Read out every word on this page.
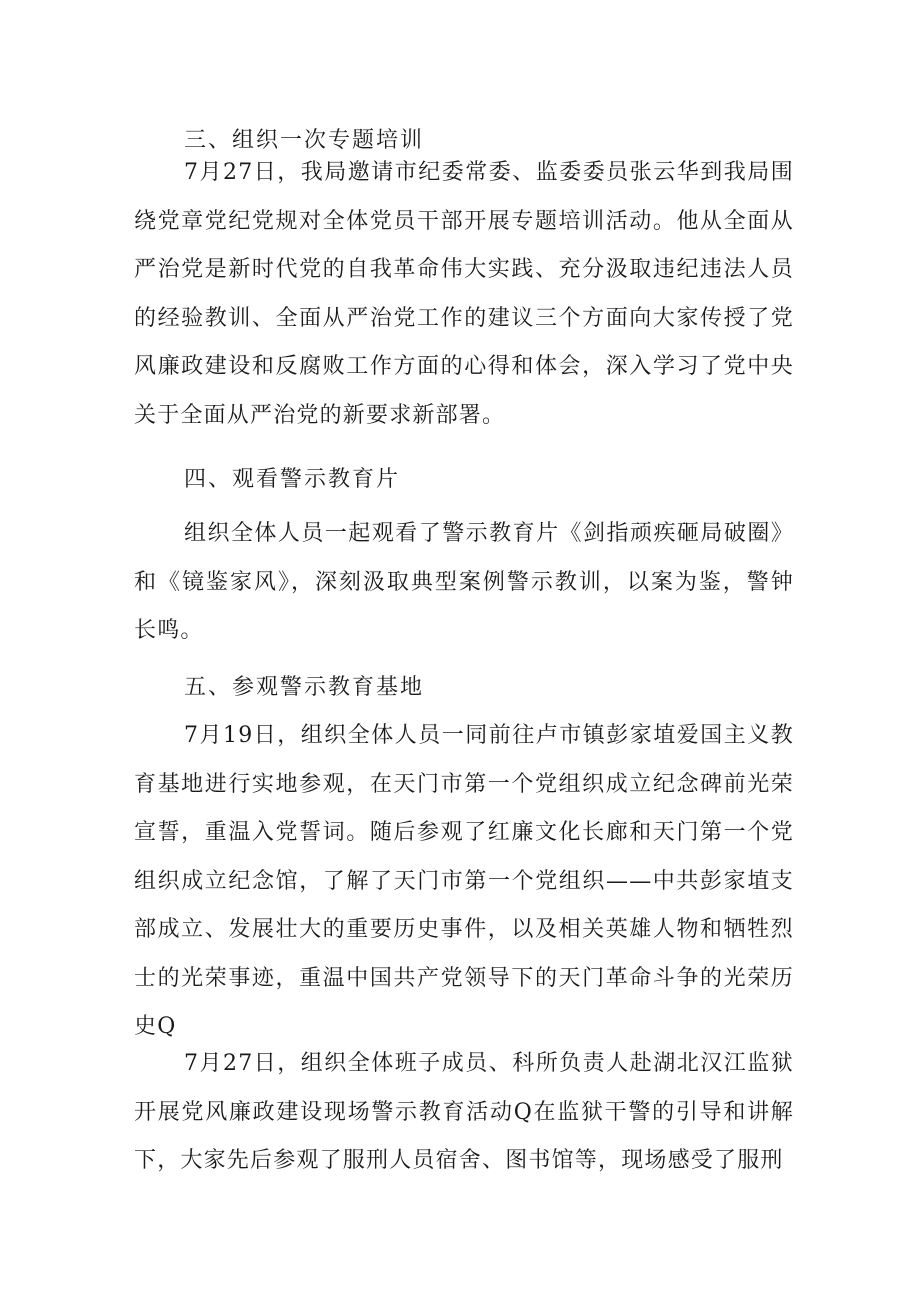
三、组织一次专题培训

7月27日，我局邀请市纪委常委、监委委员张云华到我局围绕党章党纪党规对全体党员干部开展专题培训活动。他从全面从严治党是新时代党的自我革命伟大实践、充分汲取违纪违法人员的经验教训、全面从严治党工作的建议三个方面向大家传授了党风廉政建设和反腐败工作方面的心得和体会，深入学习了党中央关于全面从严治党的新要求新部署。

四、观看警示教育片

组织全体人员一起观看了警示教育片《剑指顽疾砸局破圈》和《镜鉴家风》，深刻汲取典型案例警示教训，以案为鉴，警钟长鸣。

五、参观警示教育基地

7月19日，组织全体人员一同前往卢市镇彭家埴爱国主义教育基地进行实地参观，在天门市第一个党组织成立纪念碑前光荣宣誓，重温入党誓词。随后参观了红廉文化长廊和天门第一个党组织成立纪念馆，了解了天门市第一个党组织——中共彭家埴支部成立、发展壮大的重要历史事件，以及相关英雄人物和牺牲烈士的光荣事迹，重温中国共产党领导下的天门革命斗争的光荣历史Q

7月27日，组织全体班子成员、科所负责人赴湖北汉江监狱开展党风廉政建设现场警示教育活动Q在监狱干警的引导和讲解下，大家先后参观了服刑人员宿舍、图书馆等，现场感受了服刑
